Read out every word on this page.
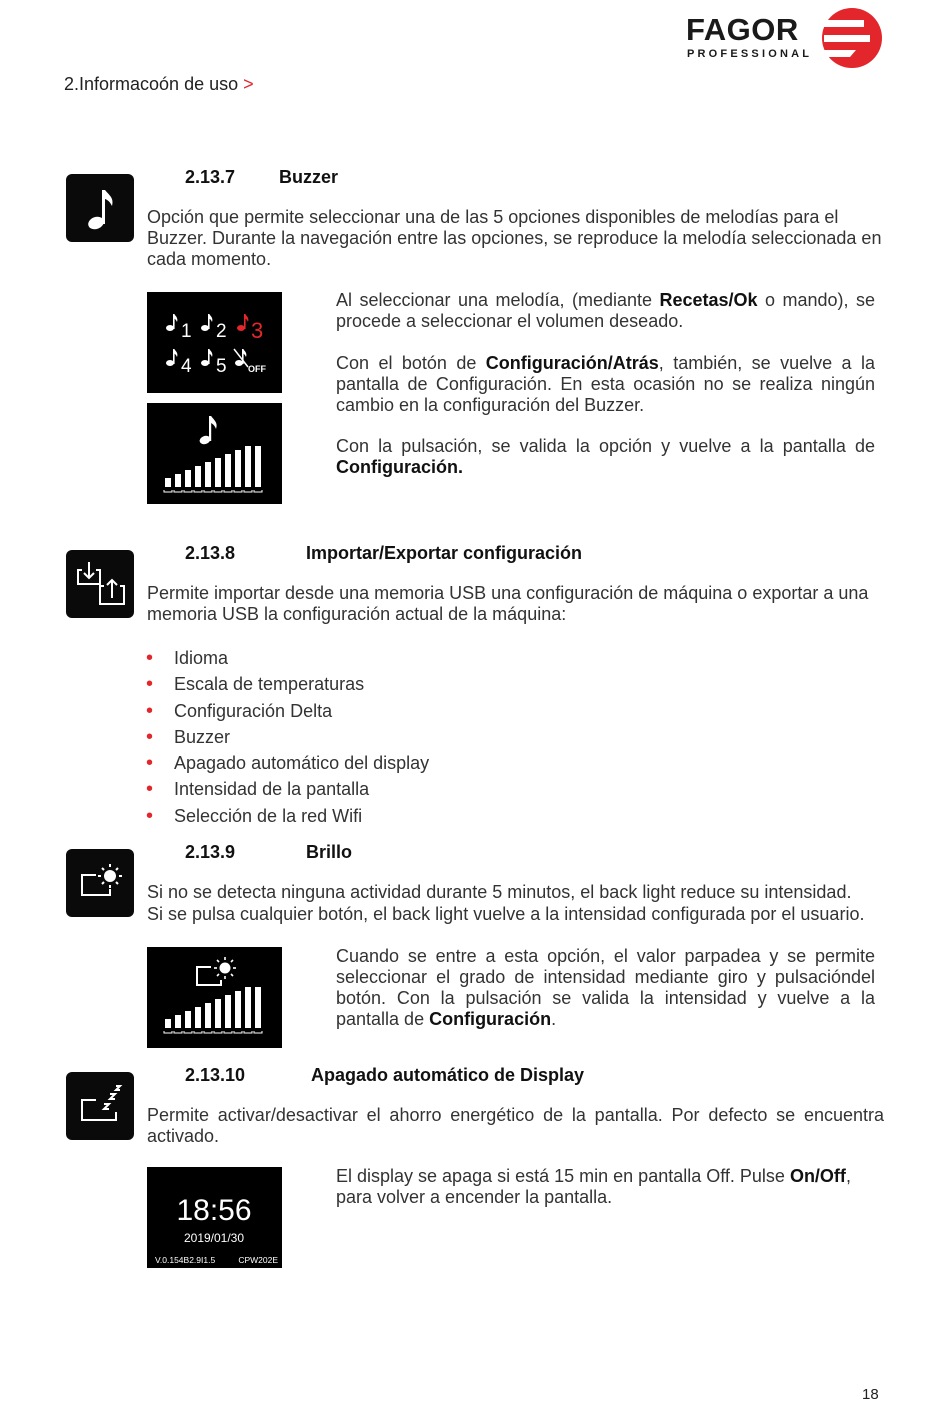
FAGOR
PROFESSIONAL
2.Informacoón de uso >
2.13.7 Buzzer
Opción que permite seleccionar una de las 5 opciones disponibles de melodías para el Buzzer. Durante la navegación entre las opciones, se reproduce la melodía seleccionada en cada momento.
1 2 3
4 5 OFF
Al seleccionar una melodía, (mediante Recetas/Ok o mando), se procede a seleccionar el volumen deseado.
Con el botón de Configuración/Atrás, también, se vuelve a la pantalla de Configuración. En esta ocasión no se realiza ningún cambio en la configuración del Buzzer.
Con la pulsación, se valida la opción y vuelve a la pantalla de Configuración.
2.13.8	Importar/Exportar configuración
Permite importar desde una memoria USB una configuración de máquina o exportar a una memoria USB la configuración actual de la máquina:
• Idioma
• Escala de temperaturas
• Configuración Delta
• Buzzer
• Apagado automático del display
• Intensidad de la pantalla
• Selección de la red Wifi
2.13.9	Brillo
Si no se detecta ninguna actividad durante 5 minutos, el back light reduce su intensidad.
Si se pulsa cualquier botón, el back light vuelve a la intensidad configurada por el usuario.
Cuando se entre a esta opción, el valor parpadea y se permite seleccionar el grado de intensidad mediante giro y pulsacióndel botón. Con la pulsación se valida la intensidad y vuelve a la pantalla de Configuración.
2.13.10	Apagado automático de Display
Permite activar/desactivar el ahorro energético de la pantalla. Por defecto se encuentra activado.
18:56
2019/01/30
V.0.154B2.9I1.5	CPW202E
El display se apaga si está 15 min en pantalla Off. Pulse On/Off, para volver a encender la pantalla.
18
